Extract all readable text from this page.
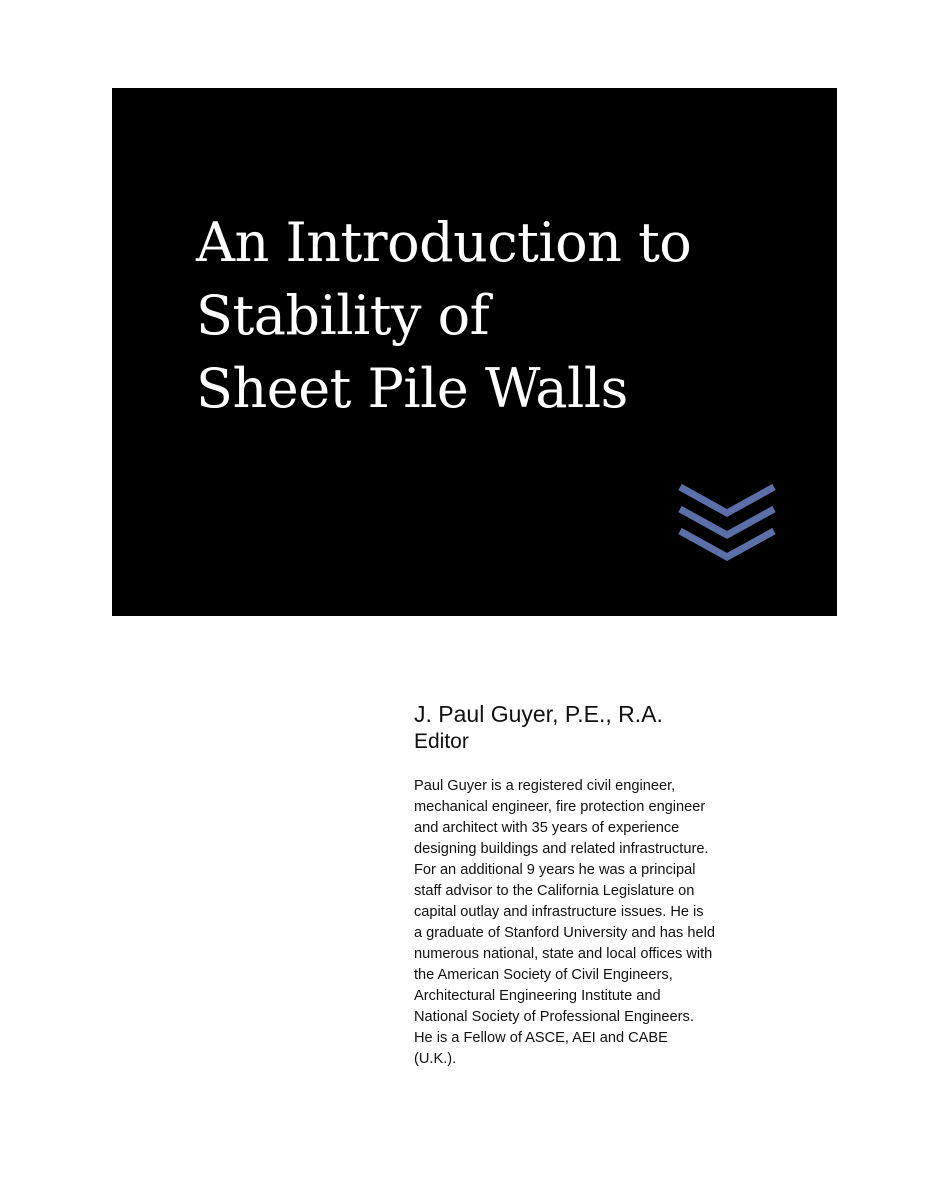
An Introduction to
Stability of
Sheet Pile Walls
J. Paul Guyer, P.E., R.A.
Editor
Paul Guyer is a registered civil engineer,
mechanical engineer, fire protection engineer
and architect with 35 years of experience
designing buildings and related infrastructure.
For an additional 9 years he was a principal
staff advisor to the California Legislature on
capital outlay and infrastructure issues. He is
a graduate of Stanford University and has held
numerous national, state and local offices with
the American Society of Civil Engineers,
Architectural Engineering Institute and
National Society of Professional Engineers.
He is a Fellow of ASCE, AEI and CABE
(U.K.).
